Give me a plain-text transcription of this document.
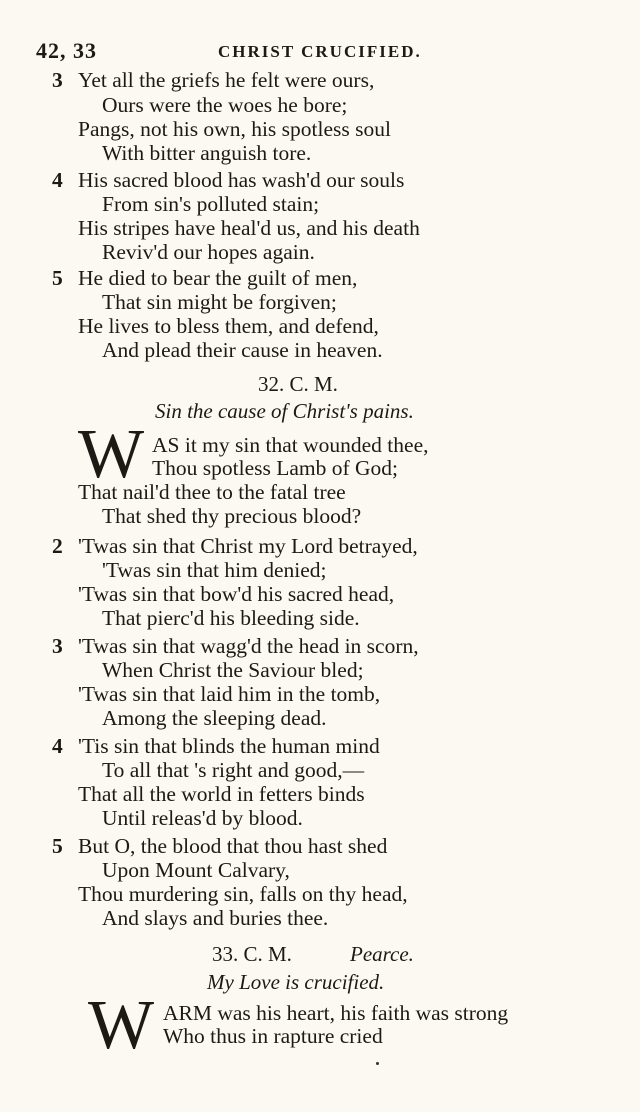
42, 33	CHRIST CRUCIFIED.
3 Yet all the griefs he felt were ours,
Ours were the woes he bore;
Pangs, not his own, his spotless soul
With bitter anguish tore.
4 His sacred blood has wash'd our souls
From sin's polluted stain;
His stripes have heal'd us, and his death
Reviv'd our hopes again.
5 He died to bear the guilt of men,
That sin might be forgiven;
He lives to bless them, and defend,
And plead their cause in heaven.
32. C. M.
Sin the cause of Christ's pains.
W AS it my sin that wounded thee,
Thou spotless Lamb of God;
That nail'd thee to the fatal tree
That shed thy precious blood?
2 'Twas sin that Christ my Lord betrayed,
'Twas sin that him denied;
'Twas sin that bow'd his sacred head,
That pierc'd his bleeding side.
3 'Twas sin that wagg'd the head in scorn,
When Christ the Saviour bled;
'Twas sin that laid him in the tomb,
Among the sleeping dead.
4 'Tis sin that blinds the human mind
To all that 's right and good,—
That all the world in fetters binds
Until releas'd by blood.
5 But O, the blood that thou hast shed
Upon Mount Calvary,
Thou murdering sin, falls on thy head,
And slays and buries thee.
33. C. M.	Pearce.
My Love is crucified.
W ARM was his heart, his faith was strong
Who thus in rapture cried
